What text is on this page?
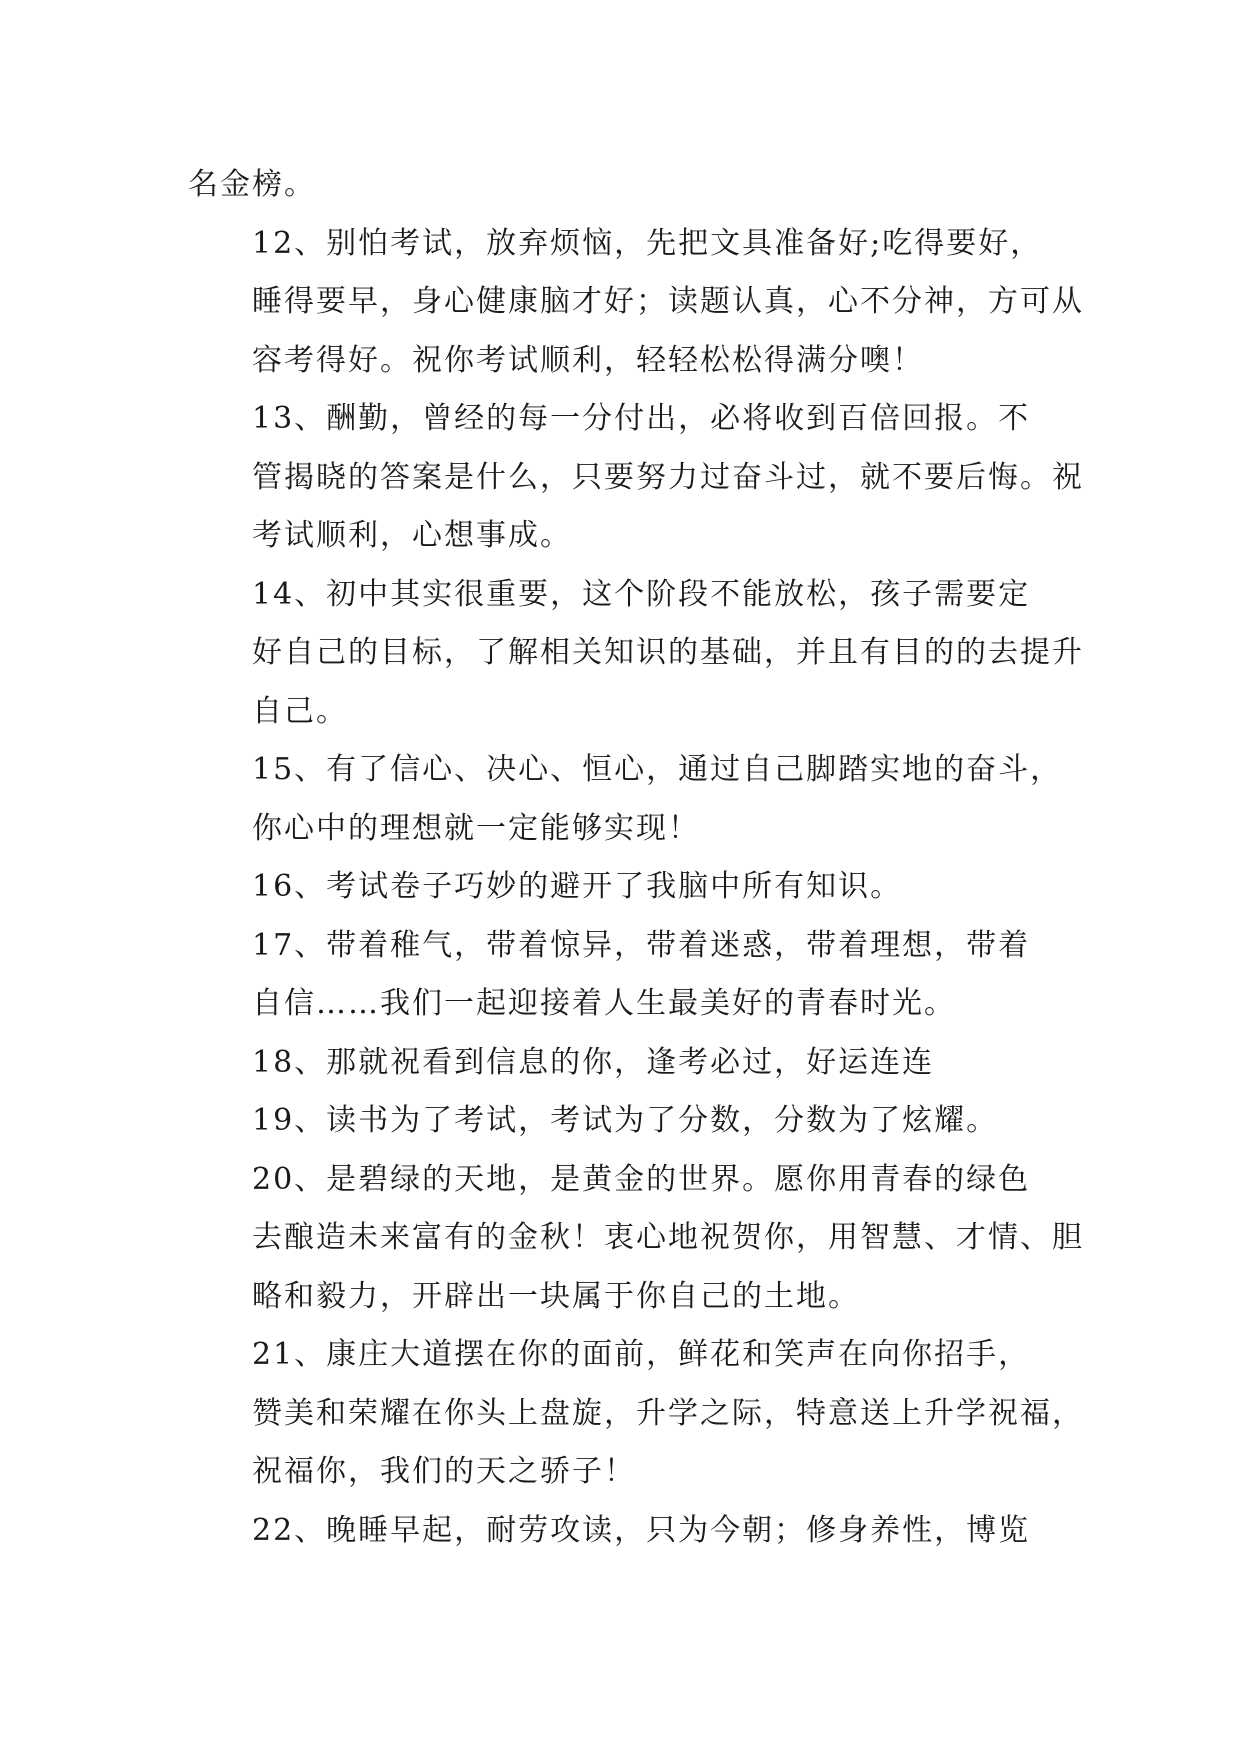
名金榜。

12、别怕考试，放弃烦恼，先把文具准备好;吃得要好，
睡得要早，身心健康脑才好；读题认真，心不分神，方可从
容考得好。祝你考试顺利，轻轻松松得满分噢！

13、酬勤，曾经的每一分付出，必将收到百倍回报。不
管揭晓的答案是什么，只要努力过奋斗过，就不要后悔。祝
考试顺利，心想事成。

14、初中其实很重要，这个阶段不能放松，孩子需要定
好自己的目标，了解相关知识的基础，并且有目的的去提升
自己。

15、有了信心、决心、恒心，通过自己脚踏实地的奋斗，
你心中的理想就一定能够实现！

16、考试卷子巧妙的避开了我脑中所有知识。

17、带着稚气，带着惊异，带着迷惑，带着理想，带着
自信……我们一起迎接着人生最美好的青春时光。

18、那就祝看到信息的你，逢考必过，好运连连

19、读书为了考试，考试为了分数，分数为了炫耀。

20、是碧绿的天地，是黄金的世界。愿你用青春的绿色
去酿造未来富有的金秋！衷心地祝贺你，用智慧、才情、胆
略和毅力，开辟出一块属于你自己的土地。

21、康庄大道摆在你的面前，鲜花和笑声在向你招手，
赞美和荣耀在你头上盘旋，升学之际，特意送上升学祝福，
祝福你，我们的天之骄子！

22、晚睡早起，耐劳攻读，只为今朝；修身养性，博览
